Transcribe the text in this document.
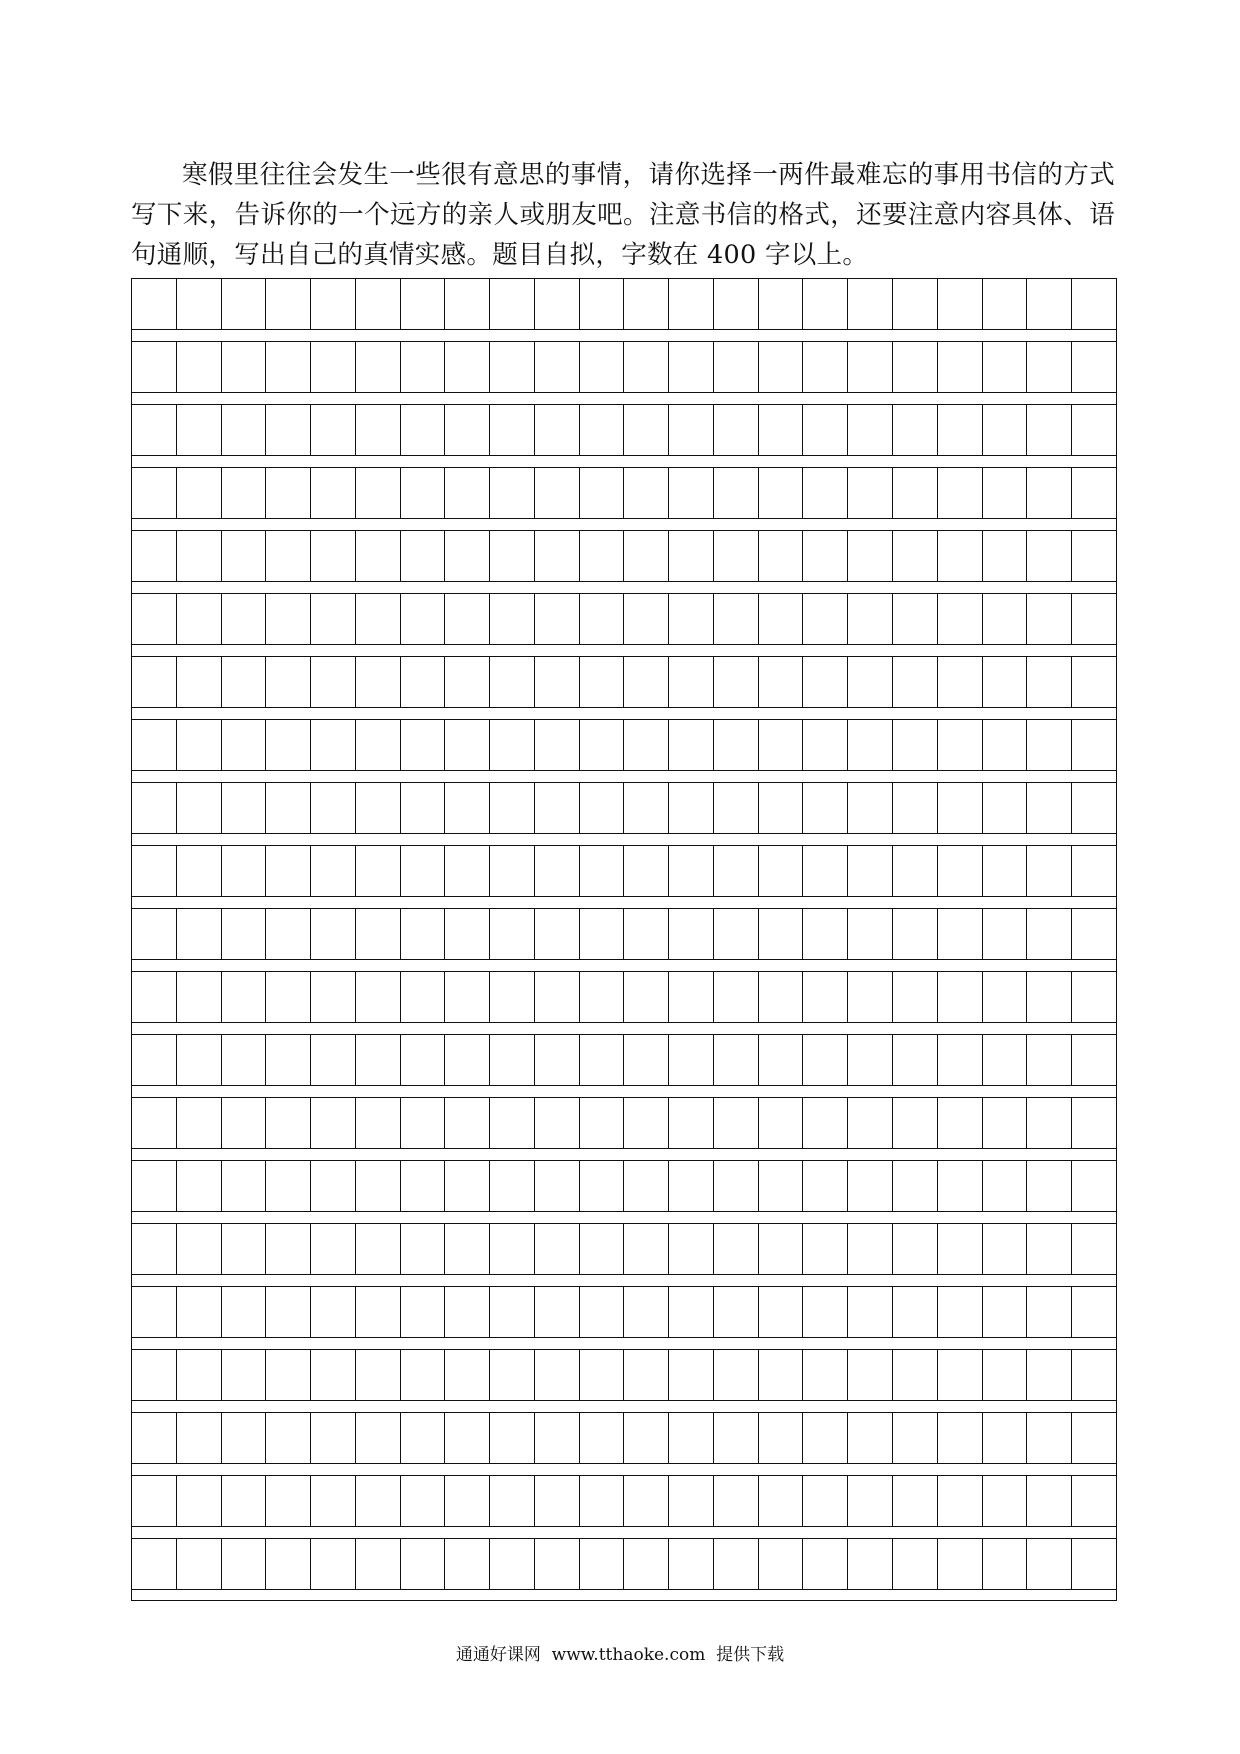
寒假里往往会发生一些很有意思的事情，请你选择一两件最难忘的事用书信的方式写下来，告诉你的一个远方的亲人或朋友吧。注意书信的格式，还要注意内容具体、语句通顺，写出自己的真情实感。题目自拟，字数在 400 字以上。

通通好课网  www.tthaoke.com  提供下载
